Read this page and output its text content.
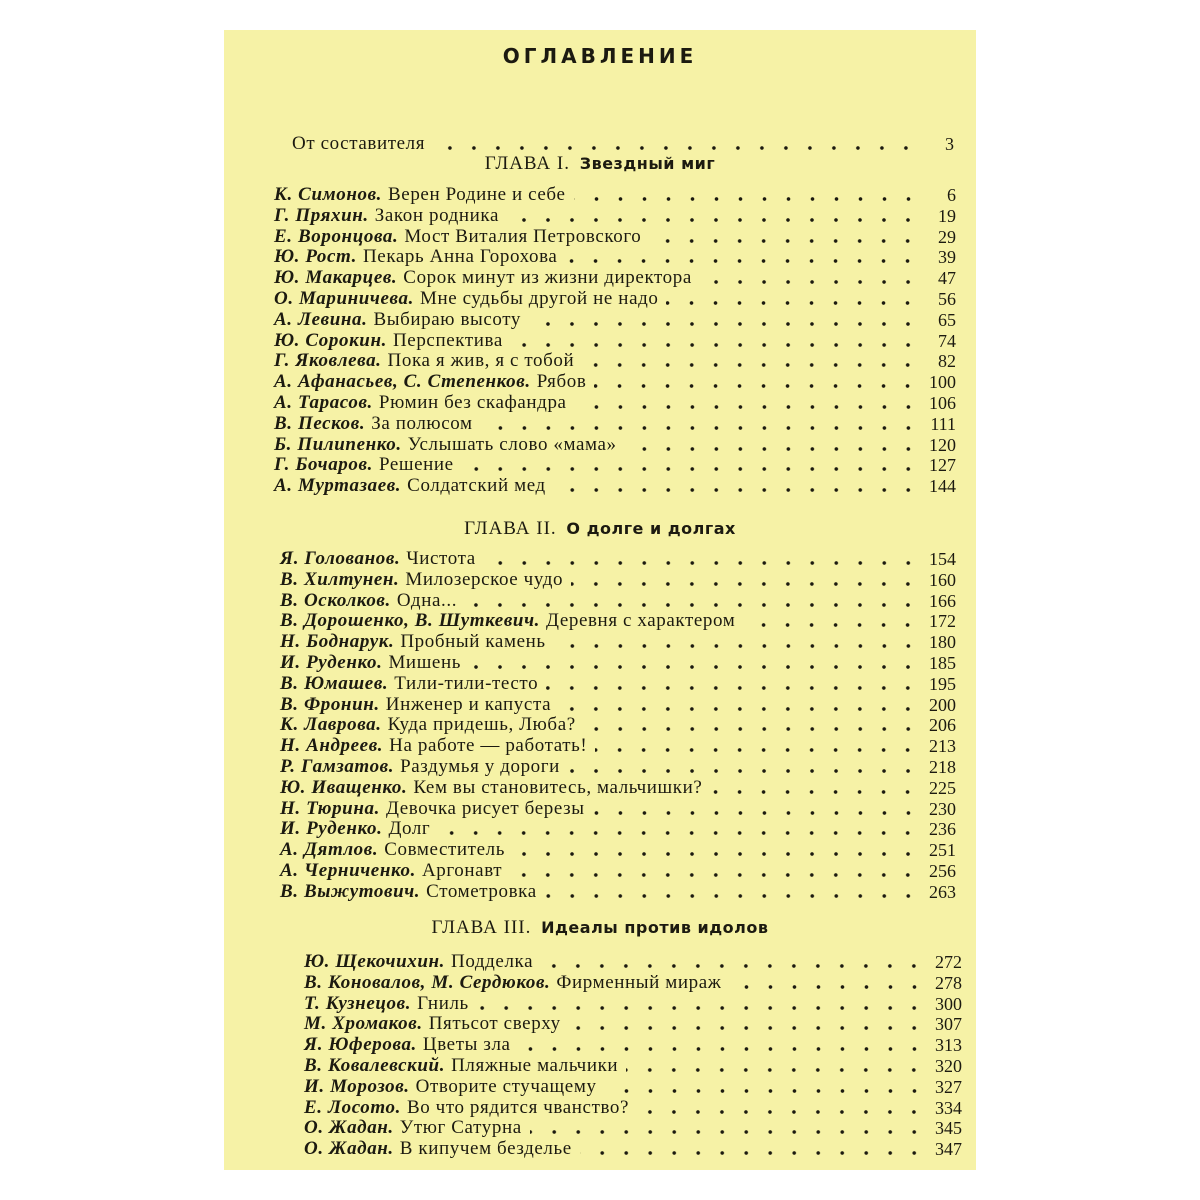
ОГЛАВЛЕНИЕ
От составителя	3
ГЛАВА I. Звездный миг
К. Симонов. Верен Родине и себе	6
Г. Пряхин. Закон родника	19
Е. Воронцова. Мост Виталия Петровского	29
Ю. Рост. Пекарь Анна Горохова	39
Ю. Макарцев. Сорок минут из жизни директора	47
О. Мариничева. Мне судьбы другой не надо	56
А. Левина. Выбираю высоту	65
Ю. Сорокин. Перспектива	74
Г. Яковлева. Пока я жив, я с тобой	82
А. Афанасьев, С. Степенков. Рябов	100
А. Тарасов. Рюмин без скафандра	106
В. Песков. За полюсом	111
Б. Пилипенко. Услышать слово «мама»	120
Г. Бочаров. Решение	127
А. Муртазаев. Солдатский мед	144
ГЛАВА II. О долге и долгах
Я. Голованов. Чистота	154
В. Хилтунен. Милозерское чудо	160
В. Осколков. Одна...	166
В. Дорошенко, В. Шуткевич. Деревня с характером	172
Н. Боднарук. Пробный камень	180
И. Руденко. Мишень	185
В. Юмашев. Тили-тили-тесто	195
В. Фронин. Инженер и капуста	200
К. Лаврова. Куда придешь, Люба?	206
Н. Андреев. На работе — работать!	213
Р. Гамзатов. Раздумья у дороги	218
Ю. Иващенко. Кем вы становитесь, мальчишки?	225
Н. Тюрина. Девочка рисует березы	230
И. Руденко. Долг	236
А. Дятлов. Совместитель	251
А. Черниченко. Аргонавт	256
В. Выжутович. Стометровка	263
ГЛАВА III. Идеалы против идолов
Ю. Щекочихин. Подделка	272
В. Коновалов, М. Сердюков. Фирменный мираж	278
Т. Кузнецов. Гниль	300
М. Хромаков. Пятьсот сверху	307
Я. Юферова. Цветы зла	313
В. Ковалевский. Пляжные мальчики	320
И. Морозов. Отворите стучащему	327
Е. Лосото. Во что рядится чванство?	334
О. Жадан. Утюг Сатурна	345
О. Жадан. В кипучем безделье	347
